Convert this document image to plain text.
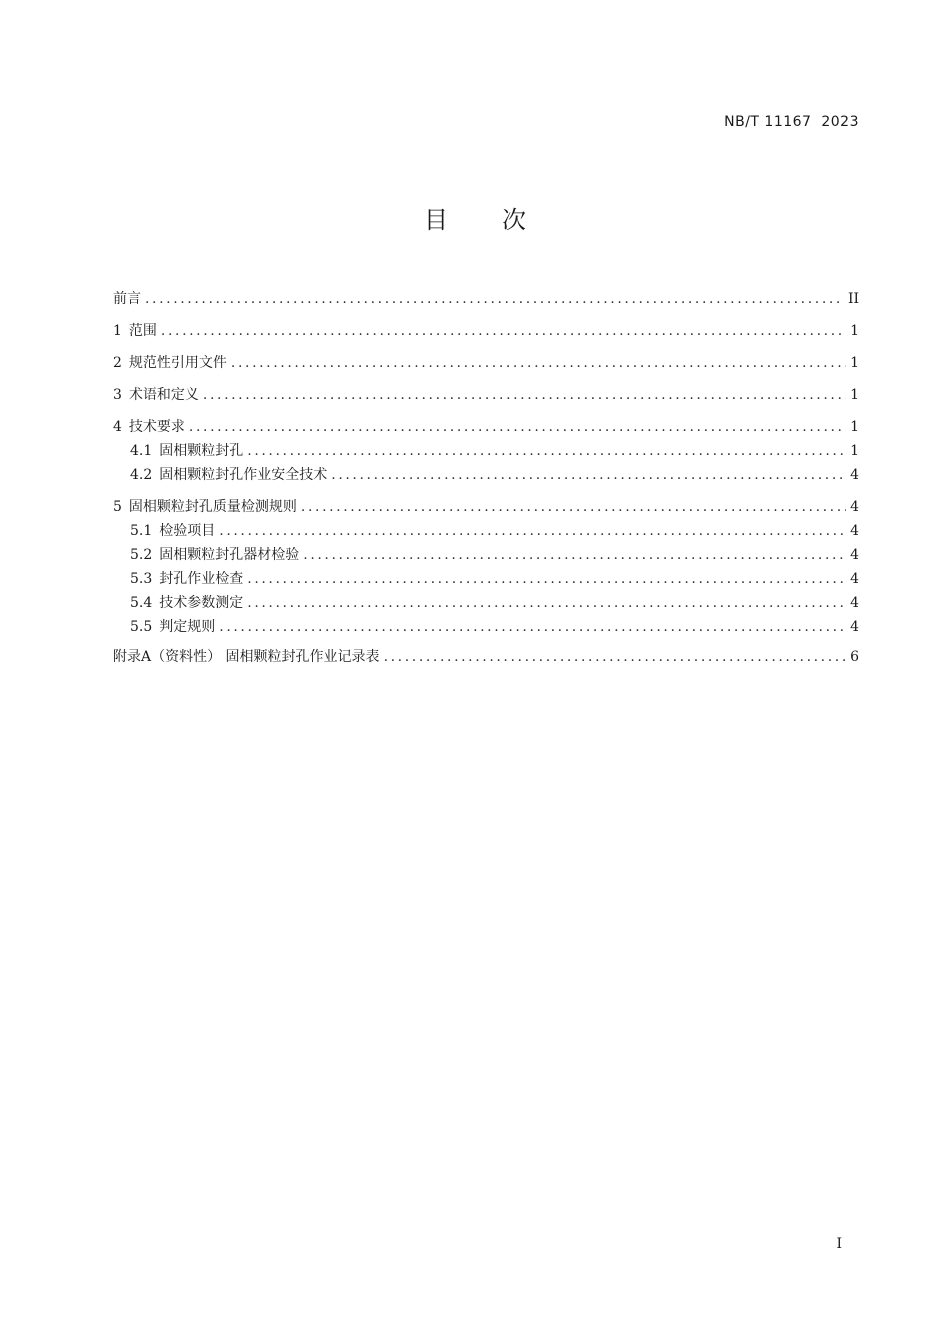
NB/T 11167  2023
目次
前言 .....	II
1 范围 .....	1
2 规范性引用文件 .....	1
3 术语和定义 .....	1
4 技术要求 .....	1
4.1 固相颗粒封孔 .....	1
4.2 固相颗粒封孔作业安全技术 .....	4
5 固相颗粒封孔质量检测规则 .....	4
5.1 检验项目 .....	4
5.2 固相颗粒封孔器材检验 .....	4
5.3 封孔作业检查 .....	4
5.4 技术参数测定 .....	4
5.5 判定规则 .....	4
附录A（资料性） 固相颗粒封孔作业记录表 .....	6
I
